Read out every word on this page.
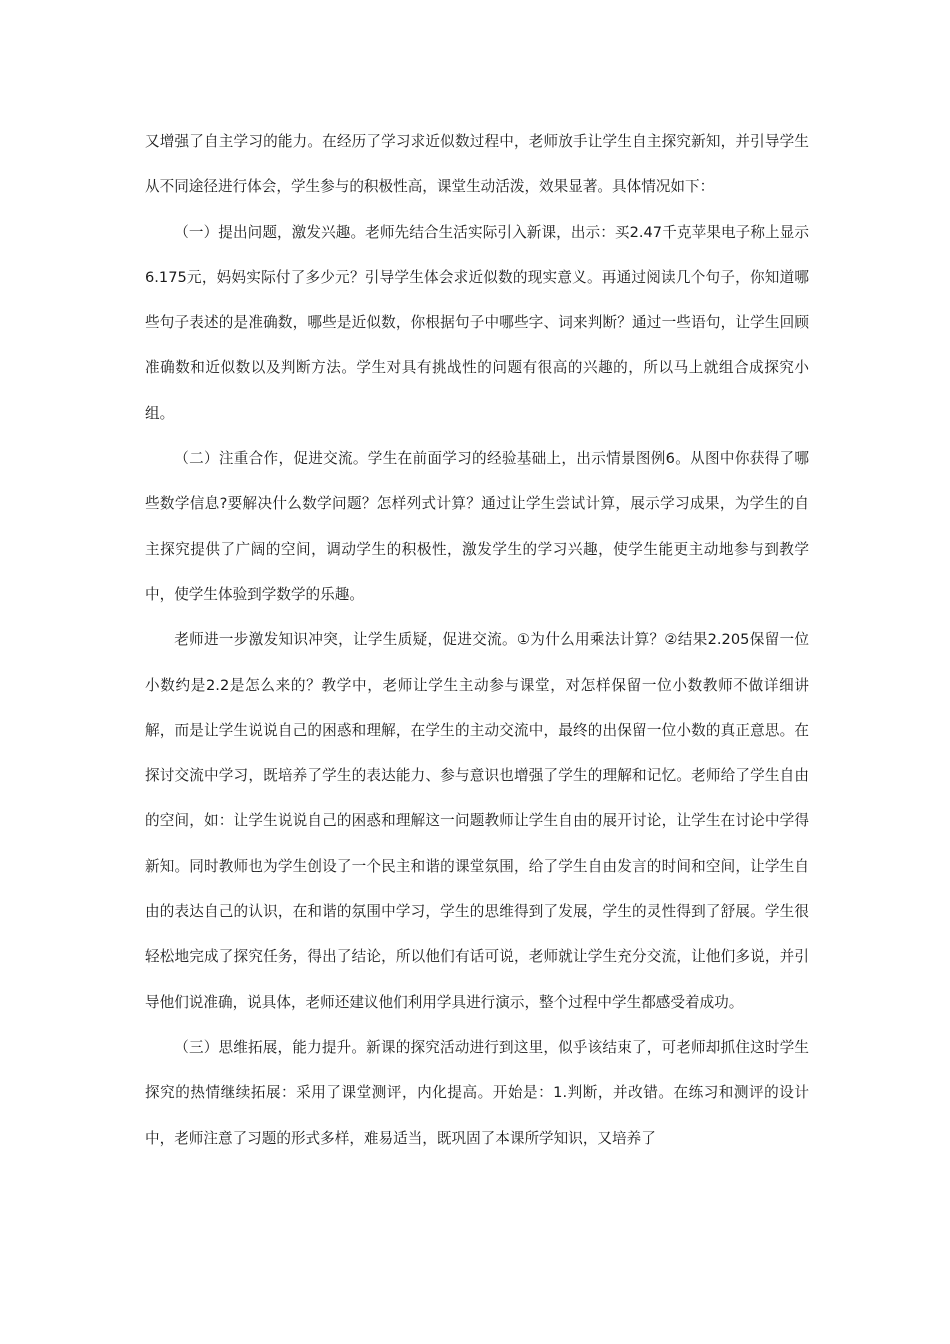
又增强了自主学习的能力。在经历了学习求近似数过程中，老师放手让学生自主探究新知，并引导学生从不同途径进行体会，学生参与的积极性高，课堂生动活泼，效果显著。具体情况如下：

（一）提出问题，激发兴趣。老师先结合生活实际引入新课，出示：买2.47千克苹果电子称上显示6.175元，妈妈实际付了多少元？引导学生体会求近似数的现实意义。再通过阅读几个句子，你知道哪些句子表述的是准确数，哪些是近似数，你根据句子中哪些字、词来判断？通过一些语句，让学生回顾准确数和近似数以及判断方法。学生对具有挑战性的问题有很高的兴趣的，所以马上就组合成探究小组。

（二）注重合作，促进交流。学生在前面学习的经验基础上，出示情景图例6。从图中你获得了哪些数学信息?要解决什么数学问题？怎样列式计算？通过让学生尝试计算，展示学习成果，为学生的自主探究提供了广阔的空间，调动学生的积极性，激发学生的学习兴趣，使学生能更主动地参与到教学中，使学生体验到学数学的乐趣。

老师进一步激发知识冲突，让学生质疑，促进交流。①为什么用乘法计算？②结果2.205保留一位小数约是2.2是怎么来的？教学中，老师让学生主动参与课堂，对怎样保留一位小数教师不做详细讲解，而是让学生说说自己的困惑和理解，在学生的主动交流中，最终的出保留一位小数的真正意思。在探讨交流中学习，既培养了学生的表达能力、参与意识也增强了学生的理解和记忆。老师给了学生自由的空间，如：让学生说说自己的困惑和理解这一问题教师让学生自由的展开讨论，让学生在讨论中学得新知。同时教师也为学生创设了一个民主和谐的课堂氛围，给了学生自由发言的时间和空间，让学生自由的表达自己的认识，在和谐的氛围中学习，学生的思维得到了发展，学生的灵性得到了舒展。学生很轻松地完成了探究任务，得出了结论，所以他们有话可说，老师就让学生充分交流，让他们多说，并引导他们说准确，说具体，老师还建议他们利用学具进行演示，整个过程中学生都感受着成功。

（三）思维拓展，能力提升。新课的探究活动进行到这里，似乎该结束了，可老师却抓住这时学生探究的热情继续拓展：采用了课堂测评，内化提高。开始是：1.判断，并改错。在练习和测评的设计中，老师注意了习题的形式多样，难易适当，既巩固了本课所学知识，又培养了
